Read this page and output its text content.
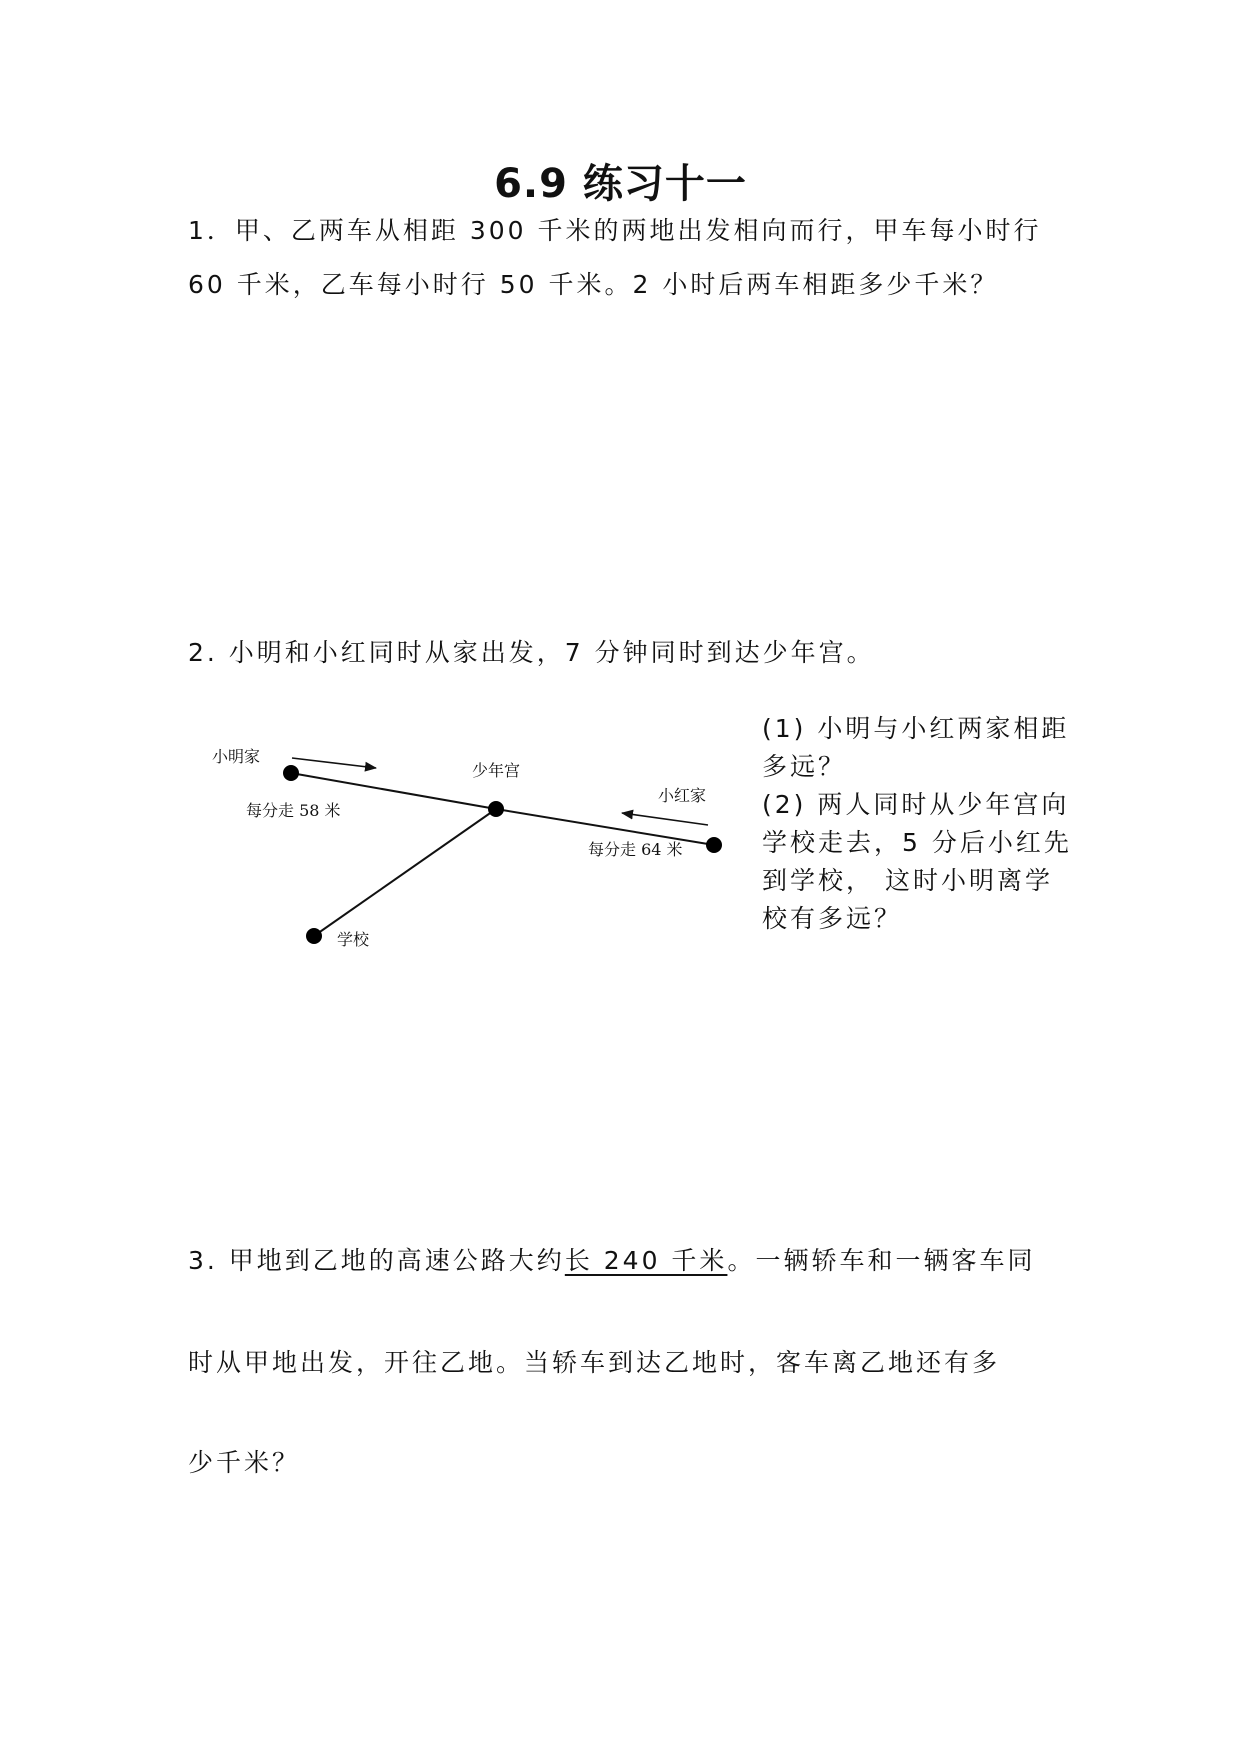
6.9 练习十一

1．甲、乙两车从相距 300 千米的两地出发相向而行，甲车每小时行

60 千米，乙车每小时行 50 千米。2 小时后两车相距多少千米？

2. 小明和小红同时从家出发，7 分钟同时到达少年宫。

小明家
少年宫
小红家
学校
每分走 58 米
每分走 64 米

(1) 小明与小红两家相距

多远？

(2) 两人同时从少年宫向

学校走去，5 分后小红先

到学校， 这时小明离学

校有多远？

3. 甲地到乙地的高速公路大约长 240 千米。一辆轿车和一辆客车同

时从甲地出发，开往乙地。当轿车到达乙地时，客车离乙地还有多

少千米？
